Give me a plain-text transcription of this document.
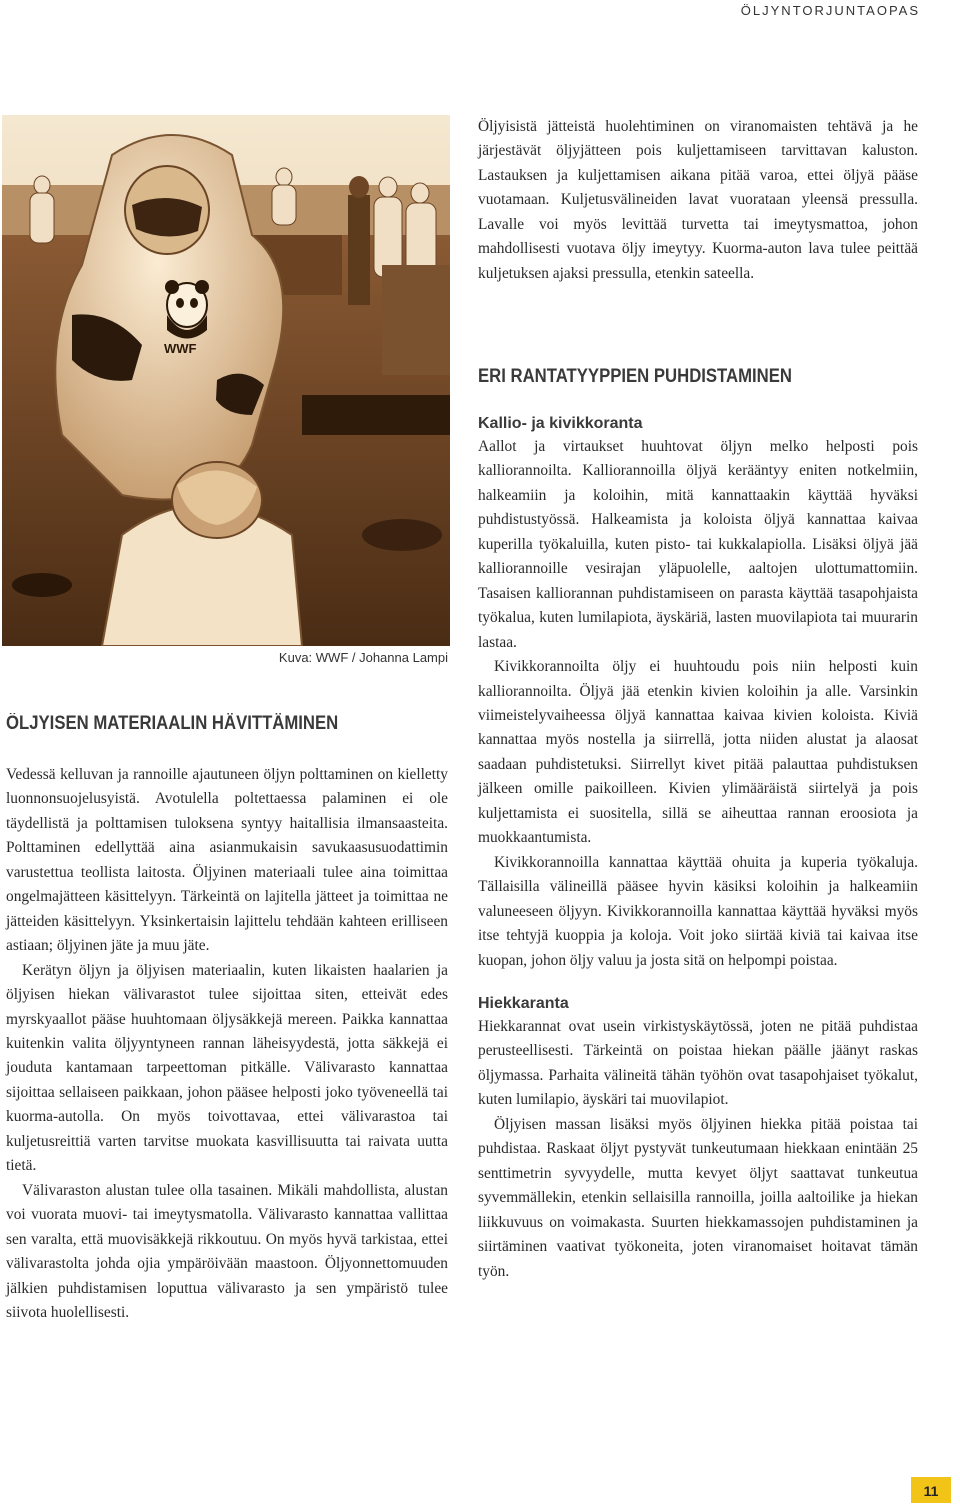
ÖLJYNTORJUNTAOPAS
WWF
Kuva: WWF / Johanna Lampi

Öljyisistä jätteistä huolehtiminen on viranomaisten tehtävä ja he järjestävät öljyjätteen pois kuljettamiseen tarvittavan kaluston. Lastauksen ja kuljettamisen aikana pitää varoa, ettei öljyä pääse vuotamaan. Kuljetusvälineiden lavat vuorataan yleensä pressulla. Lavalle voi myös levittää turvetta tai imeytysmattoa, johon mahdollisesti vuotava öljy imeytyy. Kuorma-auton lava tulee peittää kuljetuksen ajaksi pressulla, etenkin sateella.

ERI RANTATYYPPIEN PUHDISTAMINEN

Kallio- ja kivikkoranta

Aallot ja virtaukset huuhtovat öljyn melko helposti pois kalliorannoilta. Kalliorannoilla öljyä kerääntyy eniten notkelmiin, halkeamiin ja koloihin, mitä kannattaakin käyttää hyväksi puhdistustyössä. Halkeamista ja koloista öljyä kannattaa kaivaa kuperilla työkaluilla, kuten pisto- tai kukkalapiolla. Lisäksi öljyä jää kalliorannoille vesirajan yläpuolelle, aaltojen ulottumattomiin. Tasaisen kalliorannan puhdistamiseen on parasta käyttää tasapohjaista työkalua, kuten lumilapiota, äyskäriä, lasten muovilapiota tai muurarin lastaa.

Kivikkorannoilta öljy ei huuhtoudu pois niin helposti kuin kalliorannoilta. Öljyä jää etenkin kivien koloihin ja alle. Varsinkin viimeistelyvaiheessa öljyä kannattaa kaivaa kivien koloista. Kiviä kannattaa myös nostella ja siirrellä, jotta niiden alustat ja alaosat saadaan puhdistetuksi. Siirrellyt kivet pitää palauttaa puhdistuksen jälkeen omille paikoilleen. Kivien ylimääräistä siirtelyä ja pois kuljettamista ei suositella, sillä se aiheuttaa rannan eroosiota ja muokkaantumista.

Kivikkorannoilla kannattaa käyttää ohuita ja kuperia työkaluja. Tällaisilla välineillä pääsee hyvin käsiksi koloihin ja halkeamiin valuneeseen öljyyn. Kivikkorannoilla kannattaa käyttää hyväksi myös itse tehtyjä kuoppia ja koloja. Voit joko siirtää kiviä tai kaivaa itse kuopan, johon öljy valuu ja josta sitä on helpompi poistaa.

Hiekkaranta

Hiekkarannat ovat usein virkistyskäytössä, joten ne pitää puhdistaa perusteellisesti. Tärkeintä on poistaa hiekan päälle jäänyt raskas öljymassa. Parhaita välineitä tähän työhön ovat tasapohjaiset työkalut, kuten lumilapio, äyskäri tai muovilapiot.

Öljyisen massan lisäksi myös öljyinen hiekka pitää poistaa tai puhdistaa. Raskaat öljyt pystyvät tunkeutumaan hiekkaan enintään 25 senttimetrin syvyydelle, mutta kevyet öljyt saattavat tunkeutua syvemmällekin, etenkin sellaisilla rannoilla, joilla aaltoilike ja hiekan liikkuvuus on voimakasta. Suurten hiekkamassojen puhdistaminen ja siirtäminen vaativat työkoneita, joten viranomaiset hoitavat tämän työn.

ÖLJYISEN MATERIAALIN HÄVITTÄMINEN

Vedessä kelluvan ja rannoille ajautuneen öljyn polttaminen on kielletty luonnonsuojelusyistä. Avotulella poltettaessa palaminen ei ole täydellistä ja polttamisen tuloksena syntyy haitallisia ilmansaasteita. Polttaminen edellyttää aina asianmukaisin savukaasusuodattimin varustettua teollista laitosta. Öljyinen materiaali tulee aina toimittaa ongelmajätteen käsittelyyn. Tärkeintä on lajitella jätteet ja toimittaa ne jätteiden käsittelyyn. Yksinkertaisin lajittelu tehdään kahteen erilliseen astiaan; öljyinen jäte ja muu jäte.

Kerätyn öljyn ja öljyisen materiaalin, kuten likaisten haalarien ja öljyisen hiekan välivarastot tulee sijoittaa siten, etteivät edes myrskyaallot pääse huuhtomaan öljysäkkejä mereen. Paikka kannattaa kuitenkin valita öljyyntyneen rannan läheisyydestä, jotta säkkejä ei jouduta kantamaan tarpeettoman pitkälle. Välivarasto kannattaa sijoittaa sellaiseen paikkaan, johon pääsee helposti joko työveneellä tai kuorma-autolla. On myös toivottavaa, ettei välivarastoa tai kuljetusreittiä varten tarvitse muokata kasvillisuutta tai raivata uutta tietä.

Välivaraston alustan tulee olla tasainen. Mikäli mahdollista, alustan voi vuorata muovi- tai imeytysmatolla. Välivarasto kannattaa vallittaa sen varalta, että muovisäkkejä rikkoutuu. On myös hyvä tarkistaa, ettei välivarastolta johda ojia ympäröivään maastoon. Öljyonnettomuuden jälkien puhdistamisen loputtua välivarasto ja sen ympäristö tulee siivota huolellisesti.

11
